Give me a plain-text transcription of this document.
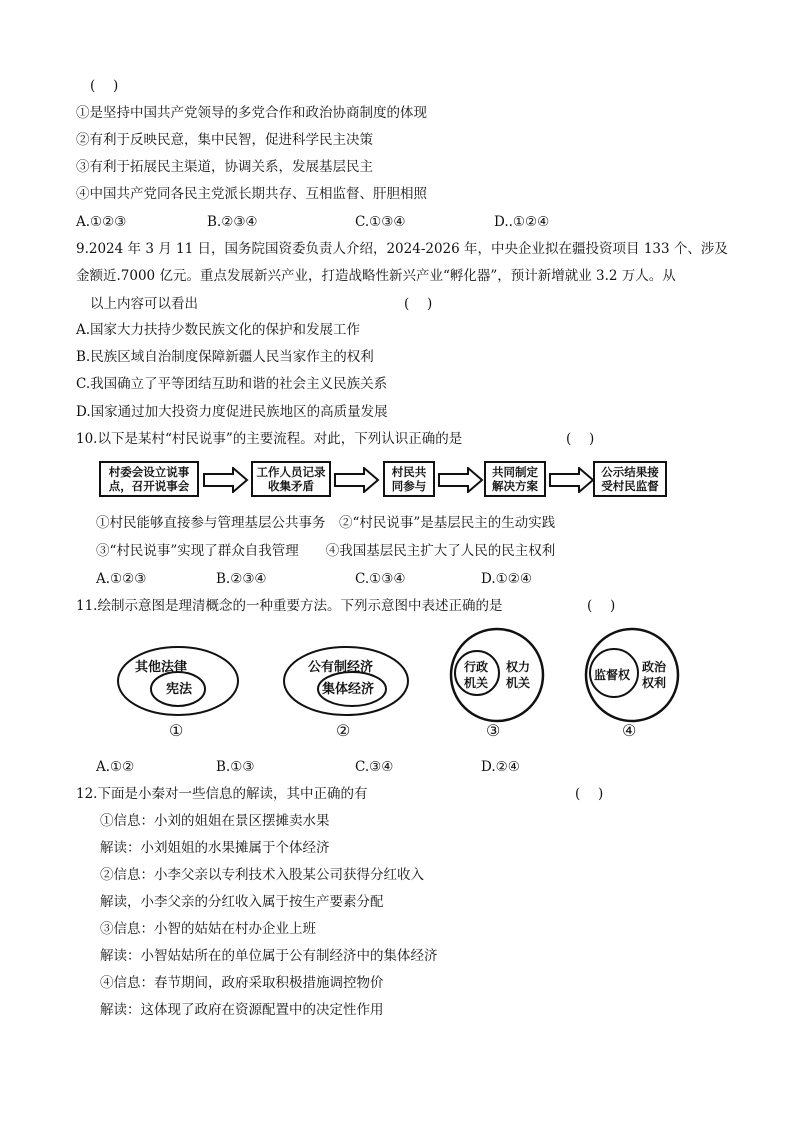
(　 )
①是坚持中国共产党领导的多党合作和政治协商制度的体现
②有利于反映民意，集中民智，促进科学民主决策
③有利于拓展民主渠道，协调关系，发展基层民主
④中国共产党同各民主党派长期共存、互相监督、肝胆相照
A.①②③	B.②③④	C.①③④	D..①②④
9.2024 年 3 月 11 日，国务院国资委负责人介绍，2024-2026 年，中央企业拟在疆投资项目 133 个、涉及
金额近.7000 亿元。重点发展新兴产业，打造战略性新兴产业“孵化器”，预计新增就业 3.2 万人。从
以上内容可以看出	(　 )
A.国家大力扶持少数民族文化的保护和发展工作
B.民族区域自治制度保障新疆人民当家作主的权利
C.我国确立了平等团结互助和谐的社会主义民族关系
D.国家通过加大投资力度促进民族地区的高质量发展
10.以下是某村“村民说事”的主要流程。对此，下列认识正确的是	(　 )
村委会设立说事点，召开说事会
工作人员记录收集矛盾
村民共同参与
共同制定解决方案
公示结果接受村民监督
①村民能够直接参与管理基层公共事务　②“村民说事”是基层民主的生动实践
③“村民说事”实现了群众自我管理　　④我国基层民主扩大了人民的民主权利
A.①②③	B.②③④	C.①③④	D.①②④
11.绘制示意图是理清概念的一种重要方法。下列示意图中表述正确的是	(　 )
其他法律
宪法
①
公有制经济
集体经济
②
行政机关
权力机关
③
监督权
政治权利
④
A.①②	B.①③	C.③④	D.②④
12.下面是小秦对一些信息的解读，其中正确的有	(　 )
①信息：小刘的姐姐在景区摆摊卖水果
解读：小刘姐姐的水果摊属于个体经济
②信息：小李父亲以专利技术入股某公司获得分红收入
解读，小李父亲的分红收入属于按生产要素分配
③信息：小智的姑姑在村办企业上班
解读：小智姑姑所在的单位属于公有制经济中的集体经济
④信息：春节期间，政府采取积极措施调控物价
解读：这体现了政府在资源配置中的决定性作用
